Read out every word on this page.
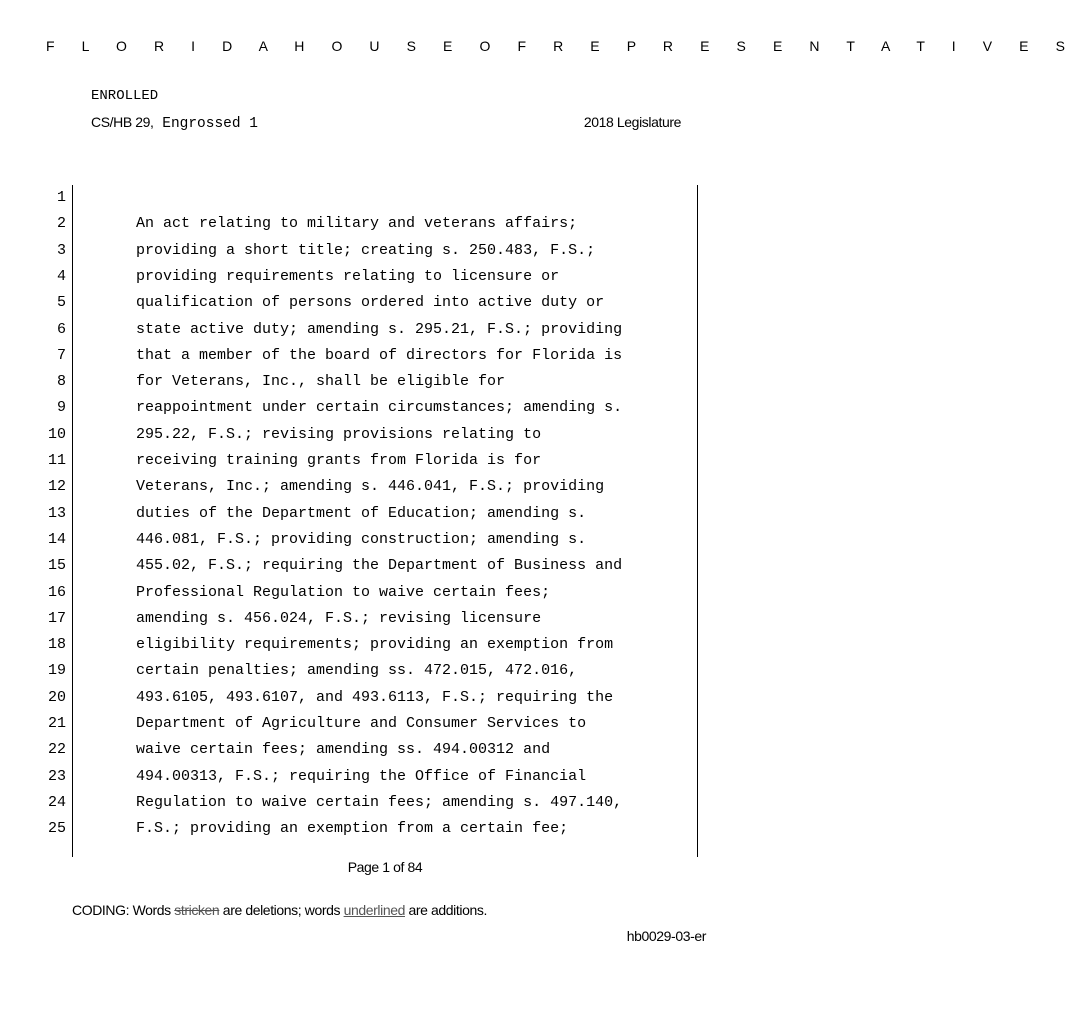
F L O R I D A H O U S E O F R E P R E S E N T A T I V E S
ENROLLED
CS/HB 29, Engrossed 1	2018 Legislature
1
2	An act relating to military and veterans affairs;
3	providing a short title; creating s. 250.483, F.S.;
4	providing requirements relating to licensure or
5	qualification of persons ordered into active duty or
6	state active duty; amending s. 295.21, F.S.; providing
7	that a member of the board of directors for Florida is
8	for Veterans, Inc., shall be eligible for
9	reappointment under certain circumstances; amending s.
10	295.22, F.S.; revising provisions relating to
11	receiving training grants from Florida is for
12	Veterans, Inc.; amending s. 446.041, F.S.; providing
13	duties of the Department of Education; amending s.
14	446.081, F.S.; providing construction; amending s.
15	455.02, F.S.; requiring the Department of Business and
16	Professional Regulation to waive certain fees;
17	amending s. 456.024, F.S.; revising licensure
18	eligibility requirements; providing an exemption from
19	certain penalties; amending ss. 472.015, 472.016,
20	493.6105, 493.6107, and 493.6113, F.S.; requiring the
21	Department of Agriculture and Consumer Services to
22	waive certain fees; amending ss. 494.00312 and
23	494.00313, F.S.; requiring the Office of Financial
24	Regulation to waive certain fees; amending s. 497.140,
25	F.S.; providing an exemption from a certain fee;
Page 1 of 84
CODING: Words stricken are deletions; words underlined are additions.
hb0029-03-er
